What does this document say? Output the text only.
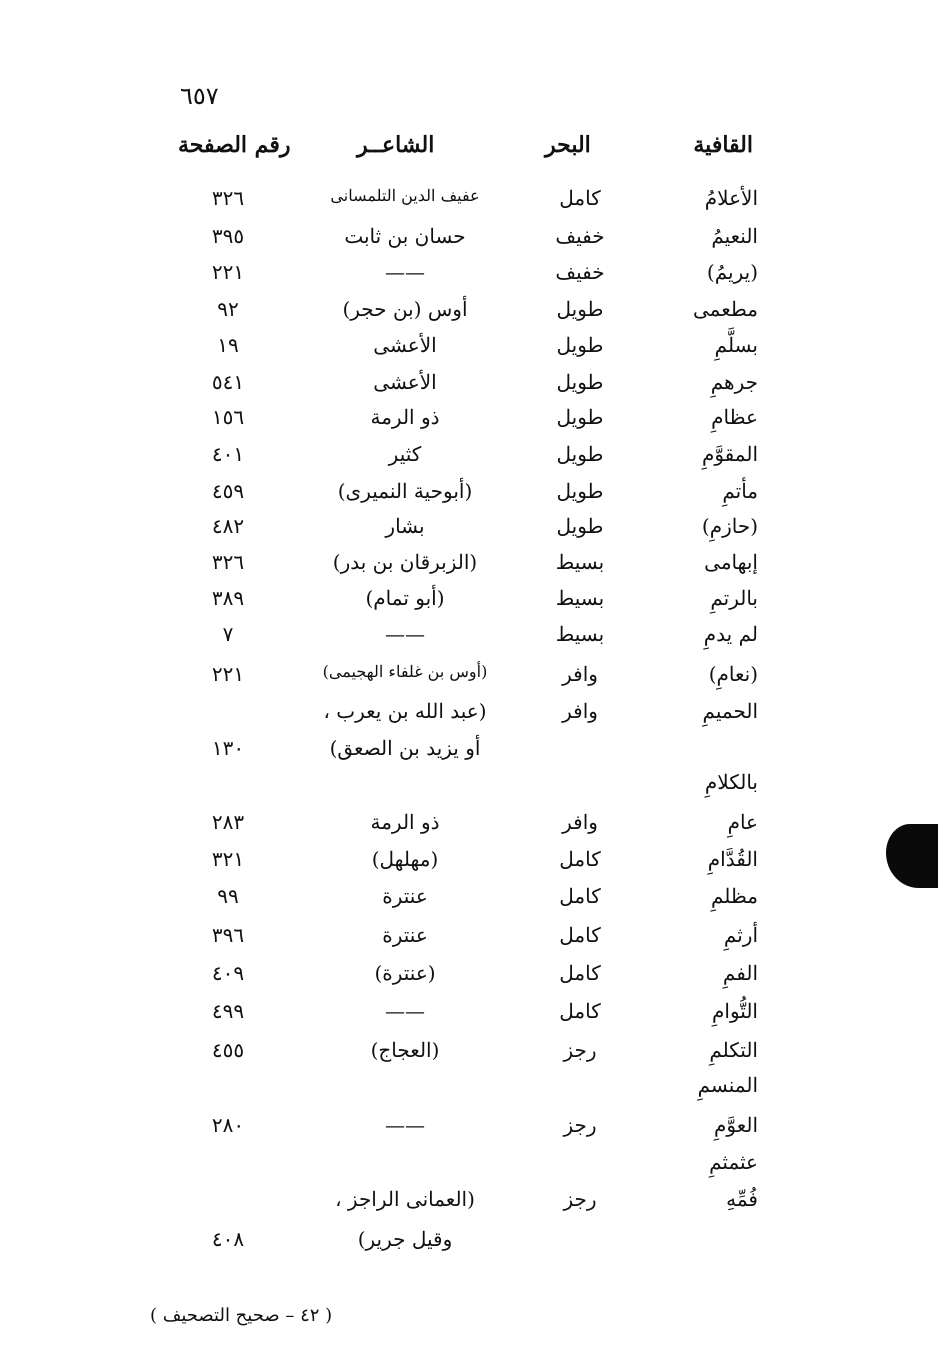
٦٥٧
القافية
البحر
الشاعــر
رقم الصفحة
الأعلامُ
كامل
عفيف الدين التلمسانى
٣٢٦
النعيمُ
خفيف
حسان بن ثابت
٣٩٥
(يريمُ)
خفيف
——
٢٢١
مطعمى
طويل
أوس (بن حجر)
٩٢
بسلَّمِ
طويل
الأعشى
١٩
جرهمِ
طويل
الأعشى
٥٤١
عظامِ
طويل
ذو الرمة
١٥٦
المقوَّمِ
طويل
كثير
٤٠١
مأتمِ
طويل
(أبوحية النميرى)
٤٥٩
(حازمِ)
طويل
بشار
٤٨٢
إبهامى
بسيط
(الزبرقان بن بدر)
٣٢٦
بالرتمِ
بسيط
(أبو تمام)
٣٨٩
لم يدمِ
بسيط
——
٧
(نعامِ)
وافر
(أوس بن غلفاء الهجيمى)
٢٢١
الحميمِ
وافر
(عبد الله بن يعرب ،
أو يزيد بن الصعق)
١٣٠
بالكلامِ
عامِ
وافر
ذو الرمة
٢٨٣
القُدَّامِ
كامل
(مهلهل)
٣٢١
مظلمِ
كامل
عنترة
٩٩
أرثمِ
كامل
عنترة
٣٩٦
الفمِ
كامل
(عنترة)
٤٠٩
التُّوامِ
كامل
——
٤٩٩
التكلمِ
رجز
(العجاج)
٤٥٥
المنسمِ
العوَّمِ
رجز
——
٢٨٠
عثمثمِ
فُمِّهِ
رجز
(العمانى الراجز ،
وقيل جرير)
٤٠٨
( ٤٢ – صحيح التصحيف )
